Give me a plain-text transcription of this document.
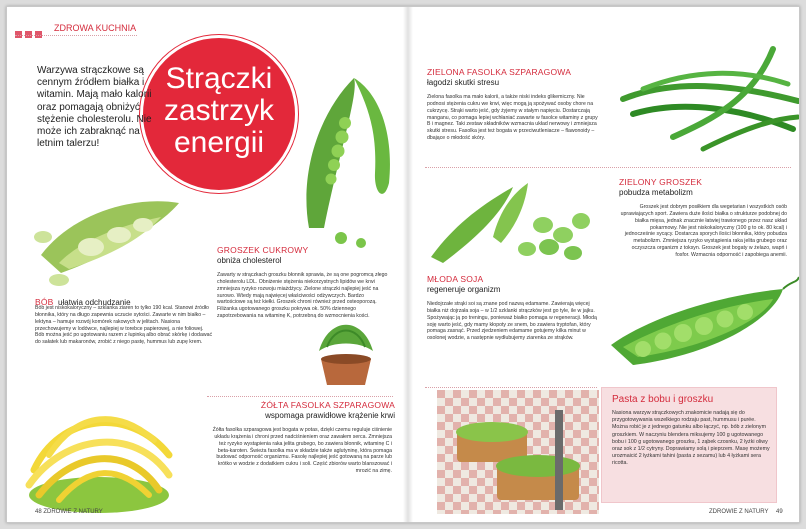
ZDROWA KUCHNIA
Strączki
zastrzyk
energii
Warzywa strączkowe są cennym źródłem białka i witamin. Mają mało kalorii oraz pomagają obniżyć stężenie cholesterolu. Nie może ich zabraknąć na letnim talerzu!
BÓB ułatwia odchudzanie
Bób jest niskokaloryczny – szklanka ziaren to tylko 190 kcal. Stanowi źródło błonnika, który na długo zapewnia uczucie sytości. Zawarte w nim białko – lektyna – hamuje rozwój komórek rakowych w jelitach. Nasiona przechowujemy w lodówce, najlepiej w torebce papierowej, a nie foliowej. Bób można jeść po ugotowaniu razem z łupinką albo obrać skórkę i dodawać do sałatek lub makaronów, zrobić z niego pastę, hummus lub zupę krem.
GROSZEK CUKROWY
obniża cholesterol
Zawarty w strączkach groszku błonnik sprawia, że są one pogromcą złego cholesterolu LDL. Obniżenie stężenia niekorzystnych lipidów we krwi zmniejsza ryzyko rozwoju miażdżycy. Zielone strączki najlepiej jeść na surowo. Wtedy mają najwięcej właściwości odżywczych. Bardzo wartościowe są też kiełki. Groszek chroni również przed osteoporozą. Filiżanka ugotowanego groszku pokrywa ok. 50% dziennego zapotrzebowania na witaminę K, potrzebną do wzmocnienia kości.
ŻÓŁTA FASOLKA SZPARAGOWA
wspomaga prawidłowe krążenie krwi
Żółta fasolka szparagowa jest bogata w potas, dzięki czemu reguluje ciśnienie układu krążenia i chroni przed nadciśnieniem oraz zawałem serca. Zmniejsza też ryzyko wystąpienia raka jelita grubego, bo zawiera błonnik, witaminę C i beta-karoten. Świeża fasolka ma w składzie także aglutyninę, która pomaga budować odporność organizmu. Fasolę najlepiej jeść gotowaną na parze lub krótko w wodzie z dodatkiem cukru i soli. Część zbiorów warto blanszować i mrozić na zimę.
48 ZDROWIE Z NATURY
ZIELONA FASOLKA SZPARAGOWA
łagodzi skutki stresu
Zielona fasolka ma mało kalorii, a także niski indeks glikemiczny. Nie podnosi stężenia cukru we krwi, więc mogą ją spożywać osoby chore na cukrzycę. Strąki warto jeść, gdy żyjemy w stałym napięciu. Dostarczają manganu, co pomaga lepiej wchłaniać zawarte w fasolce witaminy z grupy B i magnez. Taki zestaw składników wzmacnia układ nerwowy i zmniejsza skutki stresu. Fasolka jest też bogata w przeciwutleniacze – flawonoidy – dbające o młodość skóry.
MŁODA SOJA
regeneruje organizm
Niedojrzałe strąki soi są znane pod nazwą edamame. Zawierają więcej białka niż dojrzała soja – w 1/2 szklanki strączków jest go tyle, ile w jajku. Spożywając ją po treningu, ponieważ białko pomaga w regeneracji. Młodą soję warto jeść, gdy mamy kłopoty ze snem, bo zawiera tryptofan, który pomaga zasnąć. Przed zjedzeniem edamame gotujemy kilka minut w osolonej wodzie, a następnie wydłubujemy ziarenka ze strąków.
ZIELONY GROSZEK
pobudza metabolizm
Groszek jest dobrym posiłkiem dla wegetarian i wszystkich osób uprawiających sport. Zawiera duże ilości białka o strukturze podobnej do białka mięsa, jednak znacznie łatwiej trawionego przez nasz układ pokarmowy. Nie jest niskokaloryczny (100 g to ok. 80 kcal) i jednocześnie sycący. Dostarcza sporych ilości błonnika, który pobudza metabolizm. Zmniejsza ryzyko wystąpienia raka jelita grubego oraz oczyszcza organizm z toksyn. Groszek jest bogaty w żelazo, wapń i fosfor. Wzmacnia odporność i zapobiega anemii.
Pasta z bobu i groszku
Nasiona warzyw strączkowych znakomicie nadają się do przygotowywania wszelkiego rodzaju past, hummusu i purée. Można robić je z jednego gatunku albo łączyć, np. bób z zielonym groszkiem. W naczyniu blendera miksujemy 100 g ugotowanego bobu i 100 g ugotowanego groszku, 1 ząbek czosnku, 2 łyżki oliwy oraz sok z 1/2 cytryny. Doprawiamy solą i pieprzem. Masę możemy urozmaicić 2 łyżkami tahini (pasta z sezamu) lub 4 łyżkami sera ricotta.
ZDROWIE Z NATURY 49
